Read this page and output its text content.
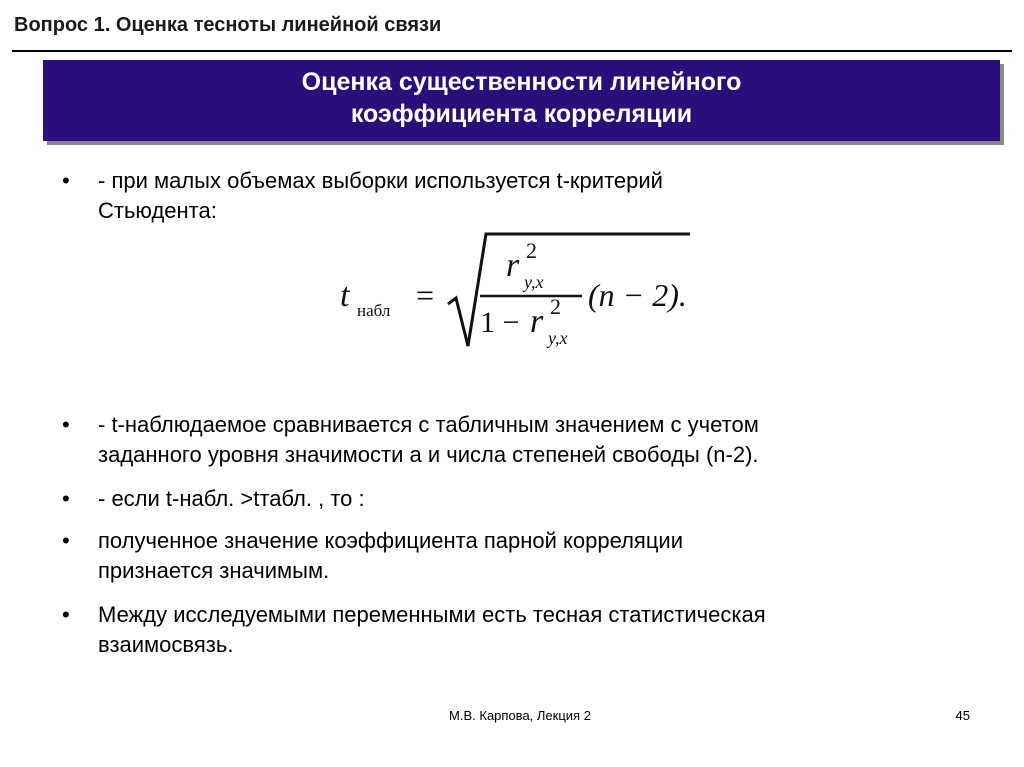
Вопрос 1. Оценка тесноты линейной связи
Оценка существенности линейного
коэффициента корреляции
• - при малых объемах выборки используется t-критерий
Стьюдента:
t набл =
r 2
y,x
1 − r 2
y,x
(n − 2).
• - t-наблюдаемое сравнивается с табличным значением с учетом
заданного уровня значимости а и числа степеней свободы (n-2).
• - если t-набл. >tтабл. , то :
• полученное значение коэффициента парной корреляции
признается значимым.
• Между исследуемыми переменными есть тесная статистическая
взаимосвязь.
М.В. Карпова, Лекция 2	45
